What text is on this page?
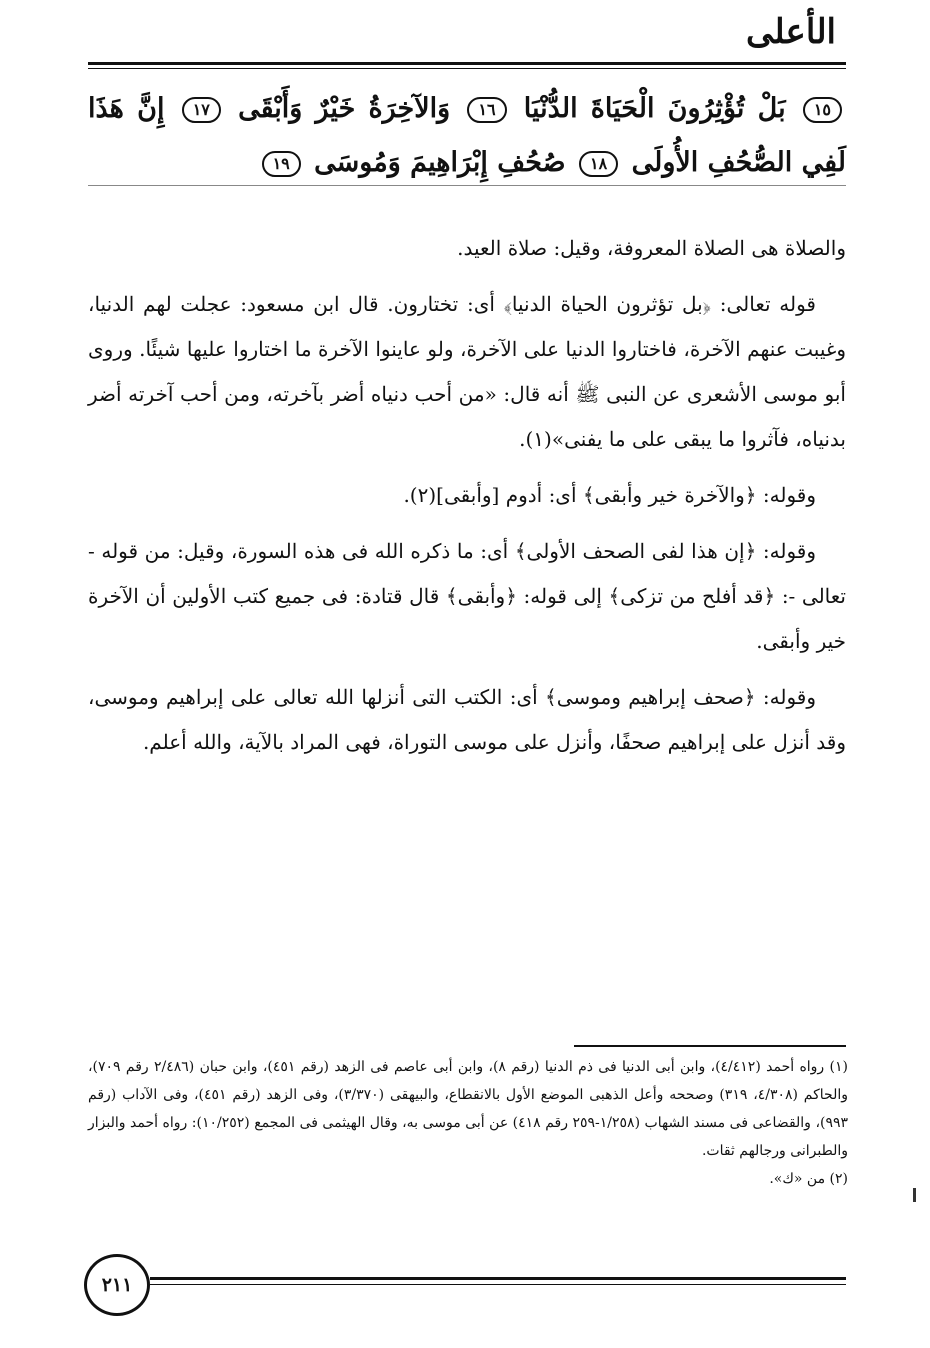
الأعلى
١٥ بَلْ تُؤْثِرُونَ الْحَيَاةَ الدُّنْيَا ١٦ وَالآخِرَةُ خَيْرٌ وَأَبْقَى ١٧ إِنَّ هَذَا لَفِي الصُّحُفِ الأُولَى ١٨ صُحُفِ إِبْرَاهِيمَ وَمُوسَى ١٩

والصلاة هى الصلاة المعروفة، وقيل: صلاة العيد.

قوله تعالى: ﴿بل تؤثرون الحياة الدنيا﴾ أى: تختارون. قال ابن مسعود: عجلت لهم الدنيا، وغيبت عنهم الآخرة، فاختاروا الدنيا على الآخرة، ولو عاينوا الآخرة ما اختاروا عليها شيئًا. وروى أبو موسى الأشعرى عن النبى ﷺ أنه قال: «من أحب دنياه أضر بآخرته، ومن أحب آخرته أضر بدنياه، فآثروا ما يبقى على ما يفنى»(١).

وقوله: ﴿والآخرة خير وأبقى﴾ أى: أدوم [وأبقى](٢).

وقوله: ﴿إن هذا لفى الصحف الأولى﴾ أى: ما ذكره الله فى هذه السورة، وقيل: من قوله - تعالى -: ﴿قد أفلح من تزكى﴾ إلى قوله: ﴿وأبقى﴾ قال قتادة: فى جميع كتب الأولين أن الآخرة خير وأبقى.

وقوله: ﴿صحف إبراهيم وموسى﴾ أى: الكتب التى أنزلها الله تعالى على إبراهيم وموسى، وقد أنزل على إبراهيم صحفًا، وأنزل على موسى التوراة، فهى المراد بالآية، والله أعلم.

(١) رواه أحمد (٤/٤١٢)، وابن أبى الدنيا فى ذم الدنيا (رقم ٨)، وابن أبى عاصم فى الزهد (رقم ٤٥١)، وابن حبان (٢/٤٨٦ رقم ٧٠٩)، والحاكم (٤/٣٠٨، ٣١٩) وصححه وأعل الذهبى الموضع الأول بالانقطاع، والبيهقى (٣/٣٧٠)، وفى الزهد (رقم ٤٥١)، وفى الآداب (رقم ٩٩٣)، والقضاعى فى مسند الشهاب (١/٢٥٨-٢٥٩ رقم ٤١٨) عن أبى موسى به، وقال الهيثمى فى المجمع (١٠/٢٥٢): رواه أحمد والبزار والطبرانى ورجالهم ثقات.

(٢) من «ك».

٢١١
